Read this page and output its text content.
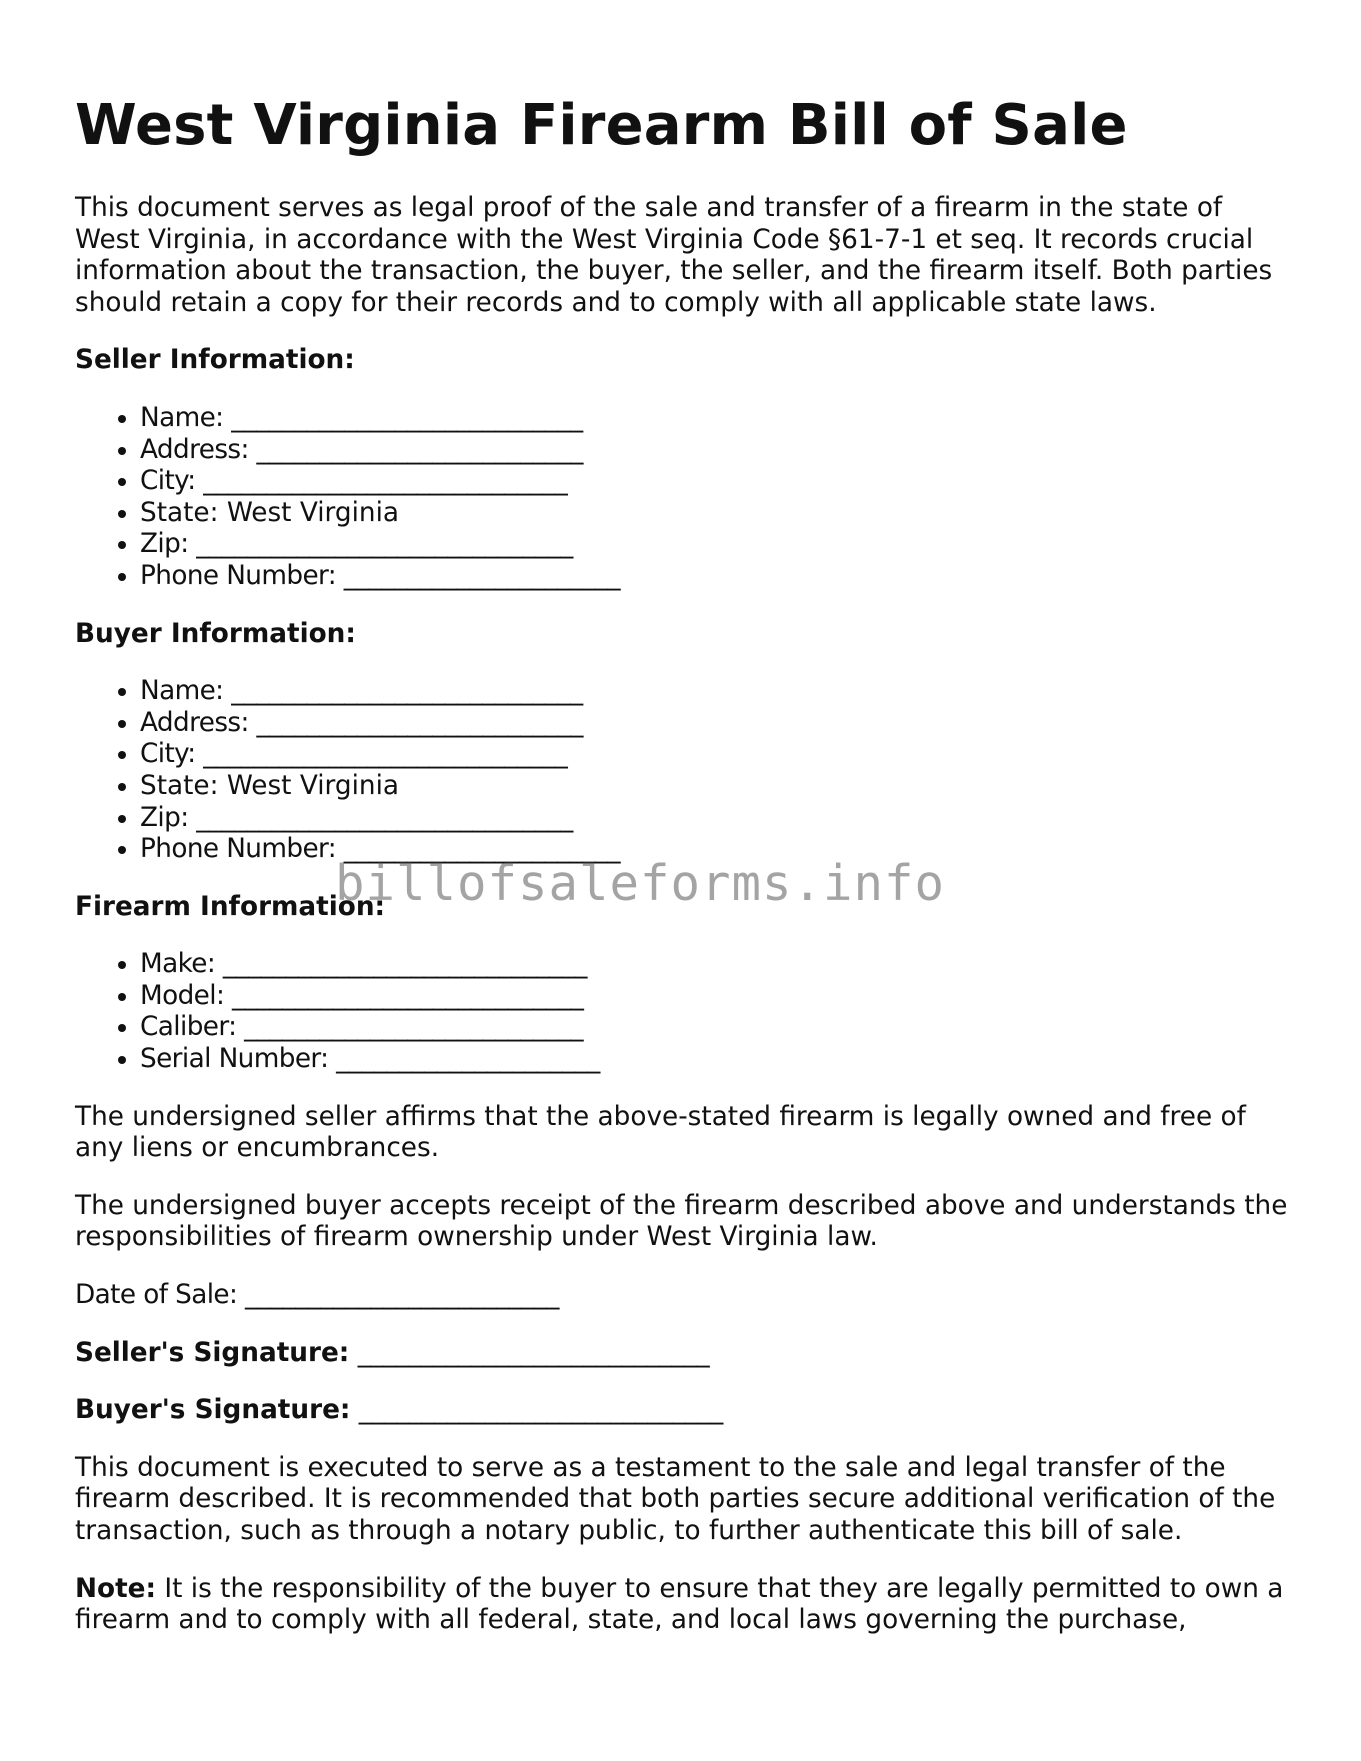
West Virginia Firearm Bill of Sale

This document serves as legal proof of the sale and transfer of a firearm in the state of West Virginia, in accordance with the West Virginia Code §61-7-1 et seq. It records crucial information about the transaction, the buyer, the seller, and the firearm itself. Both parties should retain a copy for their records and to comply with all applicable state laws.

Seller Information:
• Name: ____________________________
• Address: __________________________
• City: _____________________________
• State: West Virginia
• Zip: ______________________________
• Phone Number: ______________________
Buyer Information:
• Name: ____________________________
• Address: __________________________
• City: _____________________________
• State: West Virginia
• Zip: ______________________________
• Phone Number: ______________________
Firearm Information:
• Make: _____________________________
• Model: ____________________________
• Caliber: ___________________________
• Serial Number: _____________________

The undersigned seller affirms that the above-stated firearm is legally owned and free of any liens or encumbrances.

The undersigned buyer accepts receipt of the firearm described above and understands the responsibilities of firearm ownership under West Virginia law.

Date of Sale: _________________________

Seller's Signature: ____________________________

Buyer's Signature: _____________________________

This document is executed to serve as a testament to the sale and legal transfer of the firearm described. It is recommended that both parties secure additional verification of the transaction, such as through a notary public, to further authenticate this bill of sale.

Note: It is the responsibility of the buyer to ensure that they are legally permitted to own a firearm and to comply with all federal, state, and local laws governing the purchase,

billofsaleforms.info
